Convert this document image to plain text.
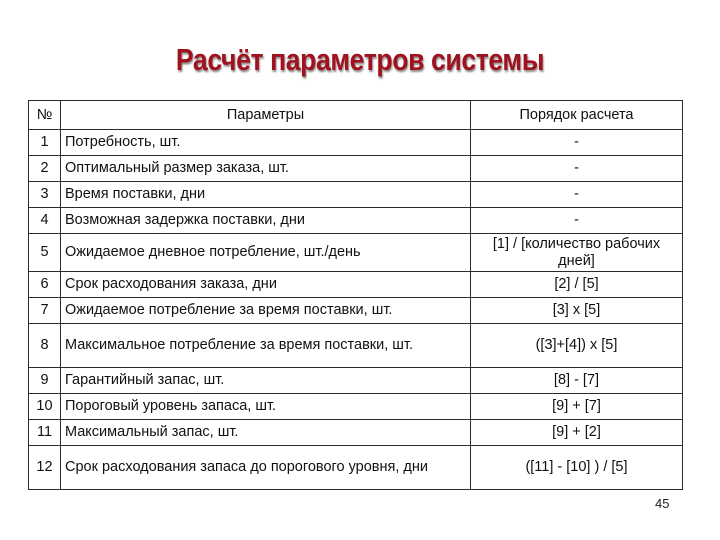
Расчёт параметров системы
№	Параметры	Порядок расчета
1	Потребность, шт.	-
2	Оптимальный размер заказа, шт.	-
3	Время поставки, дни	-
4	Возможная задержка поставки, дни	-
5	Ожидаемое дневное потребление, шт./день	[1] / [количество рабочих дней]
6	Срок расходования заказа, дни	[2] / [5]
7	Ожидаемое потребление за время поставки, шт.	[3] х [5]
8	Максимальное потребление за время поставки, шт.	([3]+[4]) х [5]
9	Гарантийный запас, шт.	[8] - [7]
10	Пороговый уровень запаса, шт.	[9] + [7]
11	Максимальный запас, шт.	[9] + [2]
12	Срок расходования запаса до порогового уровня, дни	([11] - [10] ) / [5]
45
